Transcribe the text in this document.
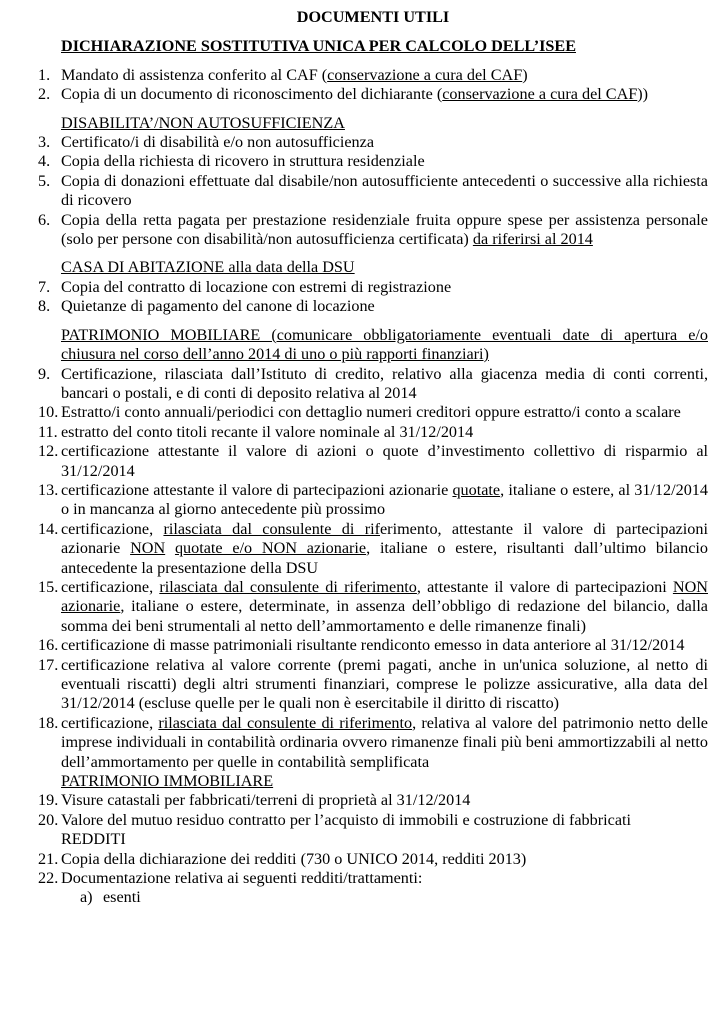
DOCUMENTI UTILI
DICHIARAZIONE SOSTITUTIVA UNICA PER CALCOLO DELL’ISEE
1. Mandato di assistenza conferito al CAF (conservazione a cura del CAF)
2. Copia di un documento di riconoscimento del dichiarante (conservazione a cura del CAF))
DISABILITA’/NON AUTOSUFFICIENZA
3. Certificato/i di disabilità e/o non autosufficienza
4. Copia della richiesta di ricovero in struttura residenziale
5. Copia di donazioni effettuate dal disabile/non autosufficiente antecedenti o successive alla richiesta di ricovero
6. Copia della retta pagata per prestazione residenziale fruita oppure spese per assistenza personale (solo per persone con disabilità/non autosufficienza certificata) da riferirsi al 2014
CASA DI ABITAZIONE alla data della DSU
7. Copia del contratto di locazione con estremi di registrazione
8. Quietanze di pagamento del canone di locazione
PATRIMONIO MOBILIARE (comunicare obbligatoriamente eventuali date di apertura e/o chiusura nel corso dell’anno 2014 di uno o più rapporti finanziari)
9. Certificazione, rilasciata dall’Istituto di credito, relativo alla giacenza media di conti correnti, bancari o postali, e di conti di deposito relativa al 2014
10. Estratto/i conto annuali/periodici con dettaglio numeri creditori oppure estratto/i conto a scalare
11. estratto del conto titoli recante il valore nominale al 31/12/2014
12. certificazione attestante il valore di azioni o quote d’investimento collettivo di risparmio al 31/12/2014
13. certificazione attestante il valore di partecipazioni azionarie quotate, italiane o estere, al 31/12/2014 o in mancanza al giorno antecedente più prossimo
14. certificazione, rilasciata dal consulente di riferimento, attestante il valore di partecipazioni azionarie NON quotate e/o NON azionarie, italiane o estere, risultanti dall’ultimo bilancio antecedente la presentazione della DSU
15. certificazione, rilasciata dal consulente di riferimento, attestante il valore di partecipazioni NON azionarie, italiane o estere, determinate, in assenza dell’obbligo di redazione del bilancio, dalla somma dei beni strumentali al netto dell’ammortamento e delle rimanenze finali)
16. certificazione di masse patrimoniali risultante rendiconto emesso in data anteriore al 31/12/2014
17. certificazione relativa al valore corrente (premi pagati, anche in un'unica soluzione, al netto di eventuali riscatti) degli altri strumenti finanziari, comprese le polizze assicurative, alla data del 31/12/2014 (escluse quelle per le quali non è esercitabile il diritto di riscatto)
18. certificazione, rilasciata dal consulente di riferimento, relativa al valore del patrimonio netto delle imprese individuali in contabilità ordinaria ovvero rimanenze finali più beni ammortizzabili al netto dell’ammortamento per quelle in contabilità semplificata
PATRIMONIO IMMOBILIARE
19. Visure catastali per fabbricati/terreni di proprietà al 31/12/2014
20. Valore del mutuo residuo contratto per l’acquisto di immobili e costruzione di fabbricati
REDDITI
21. Copia della dichiarazione dei redditi (730 o UNICO 2014, redditi 2013)
22. Documentazione relativa ai seguenti redditi/trattamenti:
a) esenti
